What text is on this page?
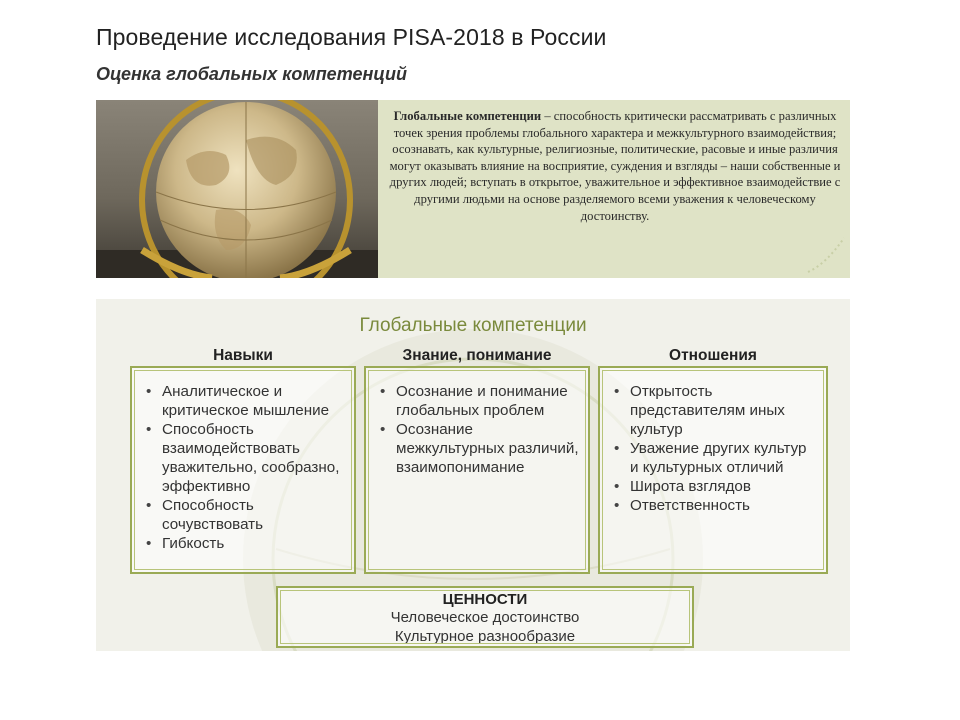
Проведение исследования PISA-2018 в России
Оценка глобальных компетенций
Глобальные компетенции – способность критически рассматривать с различных точек зрения проблемы глобального характера и межкультурного взаимодействия; осознавать, как культурные, религиозные, политические, расовые и иные различия могут оказывать влияние на восприятие, суждения и взгляды – наши собственные и других людей; вступать в открытое, уважительное и эффективное взаимодействие с другими людьми на основе разделяемого всеми уважения к человеческому достоинству.
Глобальные компетенции
Навыки	Знание, понимание	Отношения
• Аналитическое и критическое мышление
• Способность взаимодействовать уважительно, сообразно, эффективно
• Способность сочувствовать
• Гибкость
• Осознание и понимание глобальных проблем
• Осознание межкультурных различий, взаимопонимание
• Открытость представителям иных культур
• Уважение других культур и культурных отличий
• Широта взглядов
• Ответственность
ЦЕННОСТИ
Человеческое достоинство
Культурное разнообразие
